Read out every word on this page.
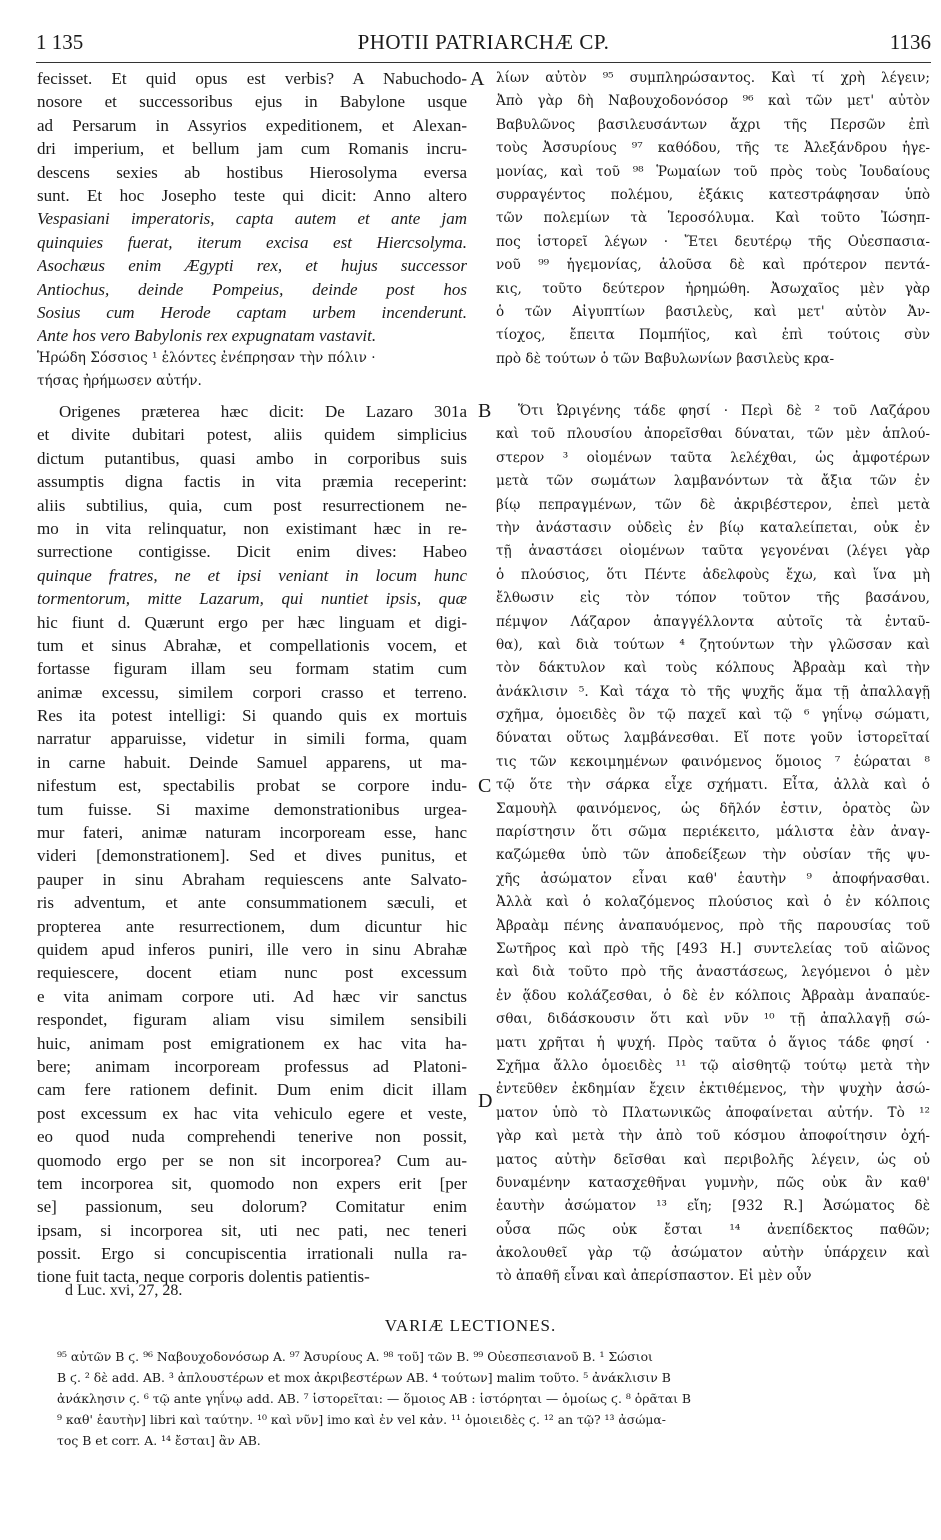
1 135	PHOTII PATRIARCHÆ CP.	1136
fecisset. Et quid opus est verbis? A Nabuchodo-
nosore et successoribus ejus in Babylone usque
ad Persarum in Assyrios expeditionem, et Alexan-
dri imperium, et bellum jam cum Romanis incru-
descens sexies ab hostibus Hierosolyma eversa
sunt. Et hoc Josepho teste qui dicit: Anno altero
Vespasiani imperatoris, capta autem et ante jam
quinquies fuerat, iterum excisa est Hiercsolyma.
Asochæus enim Ægypti rex, et hujus successor
Antiochus, deinde Pompeius, deinde post hos
Sosius cum Herode captam urbem incenderunt.
Ante hos vero Babylonis rex expugnatam vastavit.
Ἡρώδη Σόσσιος ¹ ἑλόντες ἐνέπρησαν τὴν πόλιν ·
τήσας ἠρήμωσεν αὐτήν.
λίων αὐτὸν ⁹⁵ συμπληρώσαντος. Καὶ τί χρὴ λέγειν;
Ἀπὸ γὰρ δὴ Ναβουχοδονόσορ ⁹⁶ καὶ τῶν μετ' αὐτὸν
Βαβυλῶνος βασιλευσάντων ἄχρι τῆς Περσῶν ἐπὶ
τοὺς Ἀσσυρίους ⁹⁷ καθόδου, τῆς τε Ἀλεξάνδρου ἡγε-
μονίας, καὶ τοῦ ⁹⁸ Ῥωμαίων τοῦ πρὸς τοὺς Ἰουδαίους
συρραγέντος πολέμου, ἑξάκις κατεστράφησαν ὑπὸ
τῶν πολεμίων τὰ Ἱεροσόλυμα. Καὶ τοῦτο Ἰώσηπ-
πος ἱστορεῖ λέγων · Ἔτει δευτέρῳ τῆς Οὐεσπασια-
νοῦ ⁹⁹ ἡγεμονίας, ἁλοῦσα δὲ καὶ πρότερον πεντά-
κις, τοῦτο δεύτερον ἠρημώθη. Ἀσωχαῖος μὲν γὰρ
ὁ τῶν Αἰγυπτίων βασιλεὺς, καὶ μετ' αὐτὸν Ἀν-
τίοχος, ἔπειτα Πομπήϊος, καὶ ἐπὶ τούτοις σὺν
πρὸ δὲ τούτων ὁ τῶν Βαβυλωνίων βασιλεὺς κρα-
Origenes præterea hæc dicit: De Lazaro 301a
et divite dubitari potest, aliis quidem simplicius
dictum putantibus, quasi ambo in corporibus suis
assumptis digna factis in vita præmia receperint:
aliis subtilius, quia, cum post resurrectionem ne-
mo in vita relinquatur, non existimant hæc in re-
surrectione contigisse. Dicit enim dives: Habeo
quinque fratres, ne et ipsi veniant in locum hunc
tormentorum, mitte Lazarum, qui nuntiet ipsis, quæ
hic fiunt d. Quærunt ergo per hæc linguam et digi-
tum et sinus Abrahæ, et compellationis vocem, et
fortasse figuram illam seu formam statim cum
animæ excessu, similem corpori crasso et terreno.
Res ita potest intelligi: Si quando quis ex mortuis
narratur apparuisse, videtur in simili forma, quam
in carne habuit. Deinde Samuel apparens, ut ma-
nifestum est, spectabilis probat se corpore indu-
tum fuisse. Si maxime demonstrationibus urgea-
mur fateri, animæ naturam incorpoream esse, hanc
videri [demonstrationem]. Sed et dives punitus, et
pauper in sinu Abraham requiescens ante Salvato-
ris adventum, et ante consummationem sæculi, et
propterea ante resurrectionem, dum dicuntur hic
quidem apud inferos puniri, ille vero in sinu Abrahæ
requiescere, docent etiam nunc post excessum
e vita animam corpore uti. Ad hæc vir sanctus
respondet, figuram aliam visu similem sensibili
huic, animam post emigrationem ex hac vita ha-
bere; animam incorpoream professus ad Platoni-
cam fere rationem definit. Dum enim dicit illam
post excessum ex hac vita vehiculo egere et veste,
eo quod nuda comprehendi tenerive non possit,
quomodo ergo per se non sit incorporea? Cum au-
tem incorporea sit, quomodo non expers erit [per
se] passionum, seu dolorum? Comitatur enim
ipsam, si incorporea sit, uti nec pati, nec teneri
possit. Ergo si concupiscentia irrationali nulla ra-
tione fuit tacta, neque corporis dolentis patientis-
Ὅτι Ὠριγένης τάδε φησί · Περὶ δὲ ² τοῦ Λαζάρου
καὶ τοῦ πλουσίου ἀπορεῖσθαι δύναται, τῶν μὲν ἁπλού-
στερον ³ οἰομένων ταῦτα λελέχθαι, ὡς ἀμφοτέρων
μετὰ τῶν σωμάτων λαμβανόντων τὰ ἄξια τῶν ἐν
βίῳ πεπραγμένων, τῶν δὲ ἀκριβέστερον, ἐπεὶ μετὰ
τὴν ἀνάστασιν οὐδεὶς ἐν βίῳ καταλείπεται, οὐκ ἐν
τῇ ἀναστάσει οἰομένων ταῦτα γεγονέναι (λέγει γὰρ
ὁ πλούσιος, ὅτι Πέντε ἀδελφοὺς ἔχω, καὶ ἵνα μὴ
ἔλθωσιν εἰς τὸν τόπον τοῦτον τῆς βασάνου,
πέμψον Λάζαρον ἀπαγγέλλοντα αὐτοῖς τὰ ἐνταῦ-
θα), καὶ διὰ τούτων ⁴ ζητούντων τὴν γλῶσσαν καὶ
τὸν δάκτυλον καὶ τοὺς κόλπους Ἀβραὰμ καὶ τὴν
ἀνάκλισιν ⁵. Καὶ τάχα τὸ τῆς ψυχῆς ἅμα τῇ ἀπαλλαγῇ
σχῆμα, ὁμοειδὲς ὂν τῷ παχεῖ καὶ τῷ ⁶ γηΐνῳ σώματι,
δύναται οὕτως λαμβάνεσθαι. Εἴ ποτε γοῦν ἱστορεῖταί
τις τῶν κεκοιμημένων φαινόμενος ὅμοιος ⁷ ἑώραται ⁸
τῷ ὅτε τὴν σάρκα εἶχε σχήματι. Εἶτα, ἀλλὰ καὶ ὁ
Σαμουὴλ φαινόμενος, ὡς δῆλόν ἐστιν, ὁρατὸς ὢν
παρίστησιν ὅτι σῶμα περιέκειτο, μάλιστα ἐὰν ἀναγ-
καζώμεθα ὑπὸ τῶν ἀποδείξεων τὴν οὐσίαν τῆς ψυ-
χῆς ἀσώματον εἶναι καθ' ἑαυτὴν ⁹ ἀποφήνασθαι.
Ἀλλὰ καὶ ὁ κολαζόμενος πλούσιος καὶ ὁ ἐν κόλποις
Ἀβραὰμ πένης ἀναπαυόμενος, πρὸ τῆς παρουσίας τοῦ
Σωτῆρος καὶ πρὸ τῆς [493 H.] συντελείας τοῦ αἰῶνος
καὶ διὰ τοῦτο πρὸ τῆς ἀναστάσεως, λεγόμενοι ὁ μὲν
ἐν ᾅδου κολάζεσθαι, ὁ δὲ ἐν κόλποις Ἀβραὰμ ἀναπαύε-
σθαι, διδάσκουσιν ὅτι καὶ νῦν ¹⁰ τῇ ἀπαλλαγῇ σώ-
ματι χρῆται ἡ ψυχή. Πρὸς ταῦτα ὁ ἅγιος τάδε φησί ·
Σχῆμα ἄλλο ὁμοειδὲς ¹¹ τῷ αἰσθητῷ τούτῳ μετὰ τὴν
ἐντεῦθεν ἐκδημίαν ἔχειν ἐκτιθέμενος, τὴν ψυχὴν ἀσώ-
ματον ὑπὸ τὸ Πλατωνικῶς ἀποφαίνεται αὐτήν. Τὸ ¹²
γὰρ καὶ μετὰ τὴν ἀπὸ τοῦ κόσμου ἀποφοίτησιν ὀχή-
ματος αὐτὴν δεῖσθαι καὶ περιβολῆς λέγειν, ὡς οὐ
δυναμένην κατασχεθῆναι γυμνὴν, πῶς οὐκ ἂν καθ'
ἑαυτὴν ἀσώματον ¹³ εἴη; [932 R.] Ἀσώματος δὲ
οὖσα πῶς οὐκ ἔσται ¹⁴ ἀνεπίδεκτος παθῶν;
ἀκολουθεῖ γὰρ τῷ ἀσώματον αὐτὴν ὑπάρχειν καὶ
τὸ ἀπαθῆ εἶναι καὶ ἀπερίσπαστον. Εἰ μὲν οὖν
A
B
C
D
d Luc. xvi, 27, 28.
VARIÆ LECTIONES.
⁹⁵ αὐτῶν B ϛ. ⁹⁶ Ναβουχοδονόσωρ A. ⁹⁷ Ἀσυρίους A. ⁹⁸ τοῦ] τῶν B. ⁹⁹ Οὐεσπεσιανοῦ B. ¹ Σώσιοι
B ϛ. ² δὲ add. AB. ³ ἀπλουστέρων et mox ἀκριβεστέρων AB. ⁴ τούτων] malim τοῦτο. ⁵ ἀνάκλισιν B
ἀνάκλησιν ϛ. ⁶ τῷ ante γηΐνῳ add. AB. ⁷ ἱστορεῖται: — ὅμοιος AB : ἱστόρηται — ὁμοίως ϛ. ⁸ ὁρᾶται B
⁹ καθ' ἑαυτὴν] libri καὶ ταύτην. ¹⁰ καὶ νῦν] imo καὶ ἐν vel κἀν. ¹¹ ὁμοιειδὲς ϛ. ¹² an τῷ? ¹³ ἀσώμα-
τος B et corr. A. ¹⁴ ἔσται] ἂν AB.
